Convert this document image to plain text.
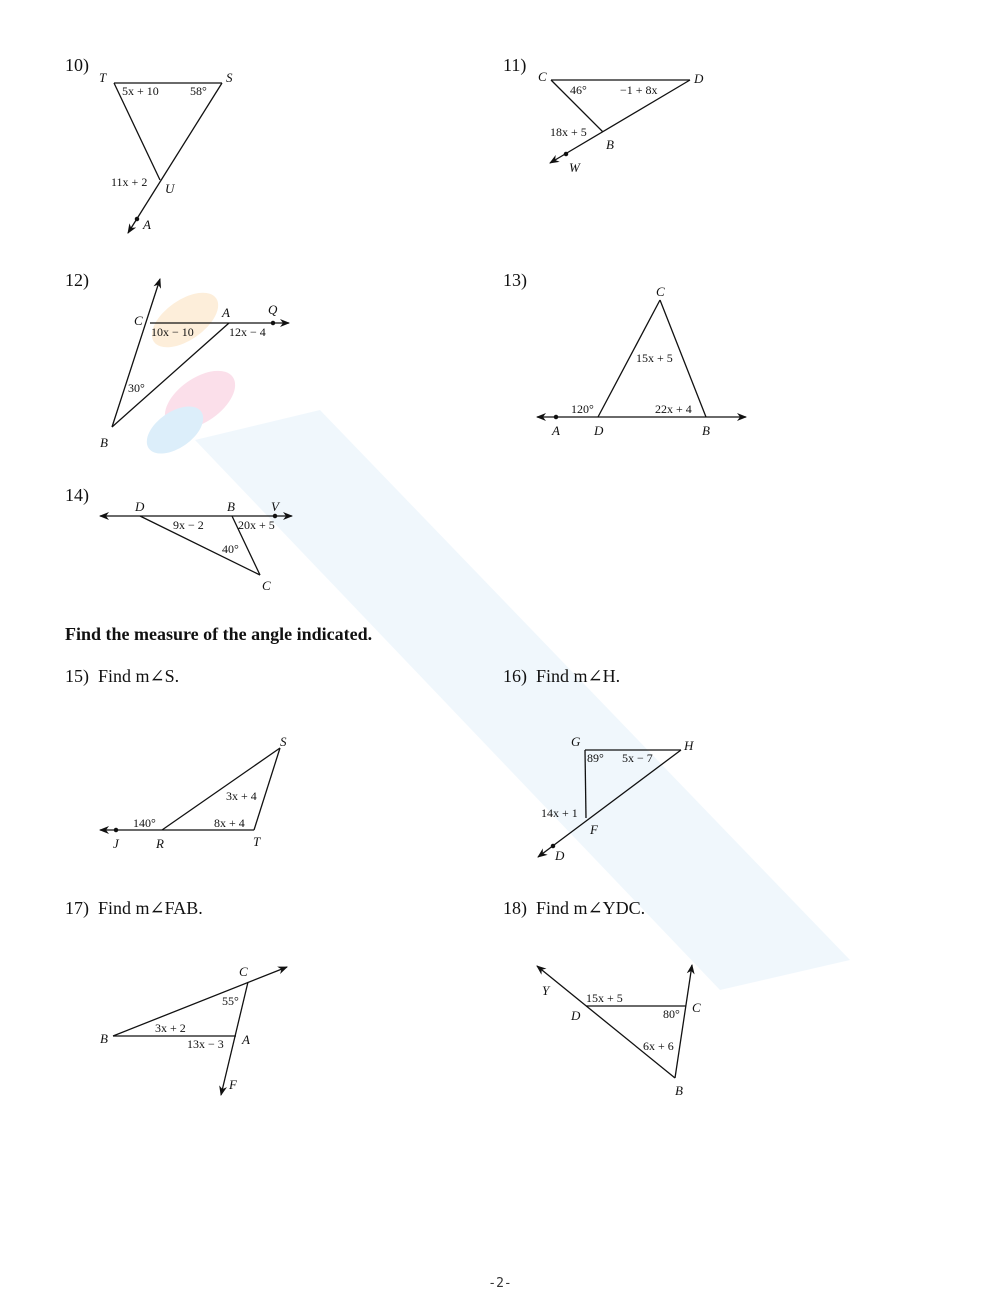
10)	11)
12)	13)
14)
Find the measure of the angle indicated.
15) Find m∠S.	16) Find m∠H.
17) Find m∠FAB.	18) Find m∠YDC.
T	S
U
A
5x + 10	58°
11x + 2
C	D
B
W
46°	−1 + 8x
18x + 5
C
A	Q
B
10x − 10	12x − 4
30°
C
A	D	B
15x + 5
120°	22x + 4
D	B	V
C
9x − 2	20x + 5
40°
S
J	R	T
3x + 4
140°	8x + 4
G	H
F
D
89° 5x − 7
14x + 1
C
B	A
F
55°
3x + 2
13x − 3
Y
D
C
B
15x + 5
80°
6x + 6
-2-
